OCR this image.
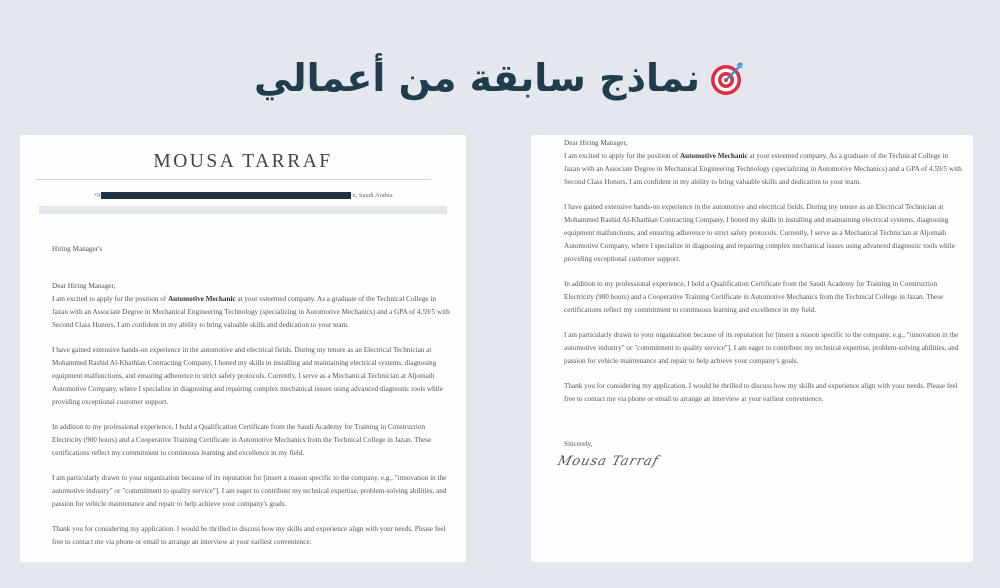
نماذج سابقة من أعمالي
MOUSA TARRAF
+9	n, Saudi Arabia
Hiring Manager's

Dear Hiring Manager,

I am excited to apply for the position of Automotive Mechanic at your esteemed company. As a graduate of the Technical College in Jazan with an Associate Degree in Mechanical Engineering Technology (specializing in Automotive Mechanics) and a GPA of 4.59/5 with Second Class Honors, I am confident in my ability to bring valuable skills and dedication to your team.

I have gained extensive hands-on experience in the automotive and electrical fields. During my tenure as an Electrical Technician at Mohammed Rashid Al-Khathlan Contracting Company, I honed my skills in installing and maintaining electrical systems, diagnosing equipment malfunctions, and ensuring adherence to strict safety protocols. Currently, I serve as a Mechanical Technician at Aljomaih Automotive Company, where I specialize in diagnosing and repairing complex mechanical issues using advanced diagnostic tools while providing exceptional customer support.

In addition to my professional experience, I hold a Qualification Certificate from the Saudi Academy for Training in Construction Electricity (900 hours) and a Cooperative Training Certificate in Automotive Mechanics from the Technical College in Jazan. These certifications reflect my commitment to continuous learning and excellence in my field.

I am particularly drawn to your organization because of its reputation for [insert a reason specific to the company, e.g., "innovation in the automotive industry" or "commitment to quality service"]. I am eager to contribute my technical expertise, problem-solving abilities, and passion for vehicle maintenance and repair to help achieve your company's goals.

Thank you for considering my application. I would be thrilled to discuss how my skills and experience align with your needs. Please feel free to contact me via phone or email to arrange an interview at your earliest convenience.

Dear Hiring Manager,

I am excited to apply for the position of Automotive Mechanic at your esteemed company. As a graduate of the Technical College in Jazan with an Associate Degree in Mechanical Engineering Technology (specializing in Automotive Mechanics) and a GPA of 4.59/5 with Second Class Honors, I am confident in my ability to bring valuable skills and dedication to your team.

I have gained extensive hands-on experience in the automotive and electrical fields. During my tenure as an Electrical Technician at Mohammed Rashid Al-Khathlan Contracting Company, I honed my skills in installing and maintaining electrical systems, diagnosing equipment malfunctions, and ensuring adherence to strict safety protocols. Currently, I serve as a Mechanical Technician at Aljomaih Automotive Company, where I specialize in diagnosing and repairing complex mechanical issues using advanced diagnostic tools while providing exceptional customer support.

In addition to my professional experience, I hold a Qualification Certificate from the Saudi Academy for Training in Construction Electricity (900 hours) and a Cooperative Training Certificate in Automotive Mechanics from the Technical College in Jazan. These certifications reflect my commitment to continuous learning and excellence in my field.

I am particularly drawn to your organization because of its reputation for [insert a reason specific to the company, e.g., "innovation in the automotive industry" or "commitment to quality service"]. I am eager to contribute my technical expertise, problem-solving abilities, and passion for vehicle maintenance and repair to help achieve your company's goals.

Thank you for considering my application. I would be thrilled to discuss how my skills and experience align with your needs. Please feel free to contact me via phone or email to arrange an interview at your earliest convenience.

Sincerely,

Mousa Tarraf
